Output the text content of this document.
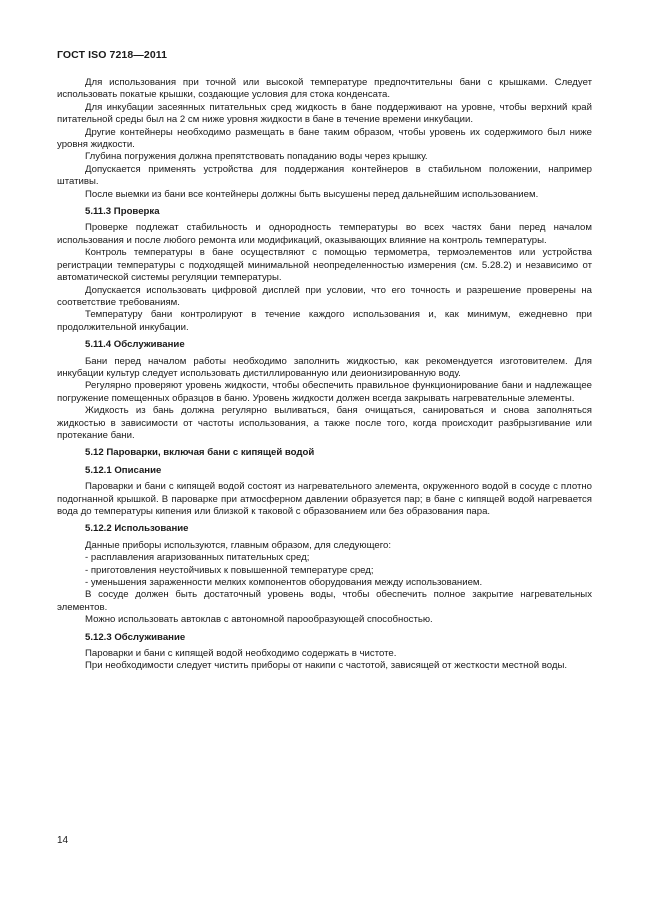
ГОСТ ISO 7218—2011

Для использования при точной или высокой температуре предпочтительны бани с крышками. Следует использовать покатые крышки, создающие условия для стока конденсата.

Для инкубации засеянных питательных сред жидкость в бане поддерживают на уровне, чтобы верхний край питательной среды был на 2 см ниже уровня жидкости в бане в течение времени инкубации.

Другие контейнеры необходимо размещать в бане таким образом, чтобы уровень их содержимого был ниже уровня жидкости.

Глубина погружения должна препятствовать попаданию воды через крышку.

Допускается применять устройства для поддержания контейнеров в стабильном положении, например штативы.

После выемки из бани все контейнеры должны быть высушены перед дальнейшим использованием.

5.11.3 Проверка

Проверке подлежат стабильность и однородность температуры во всех частях бани перед началом использования и после любого ремонта или модификаций, оказывающих влияние на контроль температуры.

Контроль температуры в бане осуществляют с помощью термометра, термоэлементов или устройства регистрации температуры с подходящей минимальной неопределенностью измерения (см. 5.28.2) и независимо от автоматической системы регуляции температуры.

Допускается использовать цифровой дисплей при условии, что его точность и разрешение проверены на соответствие требованиям.

Температуру бани контролируют в течение каждого использования и, как минимум, ежедневно при продолжительной инкубации.

5.11.4 Обслуживание

Бани перед началом работы необходимо заполнить жидкостью, как рекомендуется изготовителем. Для инкубации культур следует использовать дистиллированную или деионизированную воду.

Регулярно проверяют уровень жидкости, чтобы обеспечить правильное функционирование бани и надлежащее погружение помещенных образцов в баню. Уровень жидкости должен всегда закрывать нагревательные элементы.

Жидкость из бань должна регулярно выливаться, баня очищаться, санироваться и снова заполняться жидкостью в зависимости от частоты использования, а также после того, когда происходит разбрызгивание или протекание бани.

5.12 Пароварки, включая бани с кипящей водой
5.12.1 Описание

Пароварки и бани с кипящей водой состоят из нагревательного элемента, окруженного водой в сосуде с плотно подогнанной крышкой. В пароварке при атмосферном давлении образуется пар; в бане с кипящей водой нагревается вода до температуры кипения или близкой к таковой с образованием или без образования пара.

5.12.2 Использование

Данные приборы используются, главным образом, для следующего:

- расплавления агаризованных питательных сред;

- приготовления неустойчивых к повышенной температуре сред;

- уменьшения зараженности мелких компонентов оборудования между использованием.

В сосуде должен быть достаточный уровень воды, чтобы обеспечить полное закрытие нагревательных элементов.

Можно использовать автоклав с автономной парообразующей способностью.

5.12.3 Обслуживание

Пароварки и бани с кипящей водой необходимо содержать в чистоте.

При необходимости следует чистить приборы от накипи с частотой, зависящей от жесткости местной воды.

14
